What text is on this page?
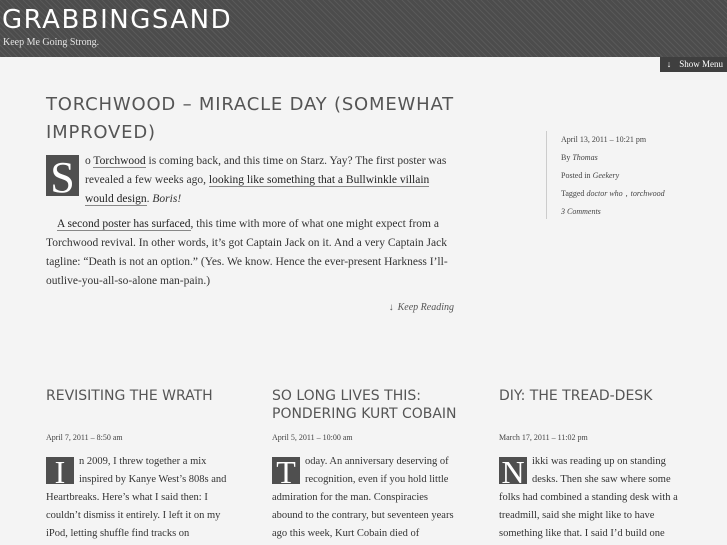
GRABBINGSAND
Keep Me Going Strong.
↓ Show Menu
TORCHWOOD – MIRACLE DAY (SOMEWHAT IMPROVED)

S o Torchwood is coming back, and this time on Starz. Yay? The first poster was revealed a few weeks ago, looking like something that a Bullwinkle villain would design. Boris!

A second poster has surfaced, this time with more of what one might expect from a Torchwood revival. In other words, it’s got Captain Jack on it. And a very Captain Jack tagline: “Death is not an option.” (Yes. We know. Hence the ever-present Harkness I’ll-outlive-you-all-so-alone man-pain.)

↓ Keep Reading
April 13, 2011 – 10:21 pm
By Thomas
Posted in Geekery
Tagged doctor who , torchwood
3 Comments
REVISITING THE WRATH
April 7, 2011 – 8:50 am
I	n 2009, I threw together a mix inspired by Kanye West’s 808s and Heartbreaks. Here’s what I said then: I couldn’t dismiss it entirely. I left it on my iPod, letting shuffle find tracks on
SO LONG LIVES THIS: PONDERING KURT COBAIN
April 5, 2011 – 10:00 am
T oday. An anniversary deserving of recognition, even if you hold little admiration for the man. Conspiracies abound to the contrary, but seventeen years ago this week, Kurt Cobain died of
DIY: THE TREAD-DESK
March 17, 2011 – 11:02 pm
N ikki was reading up on standing desks. Then she saw where some folks had combined a standing desk with a treadmill, said she might like to have something like that. I said I’d build one
